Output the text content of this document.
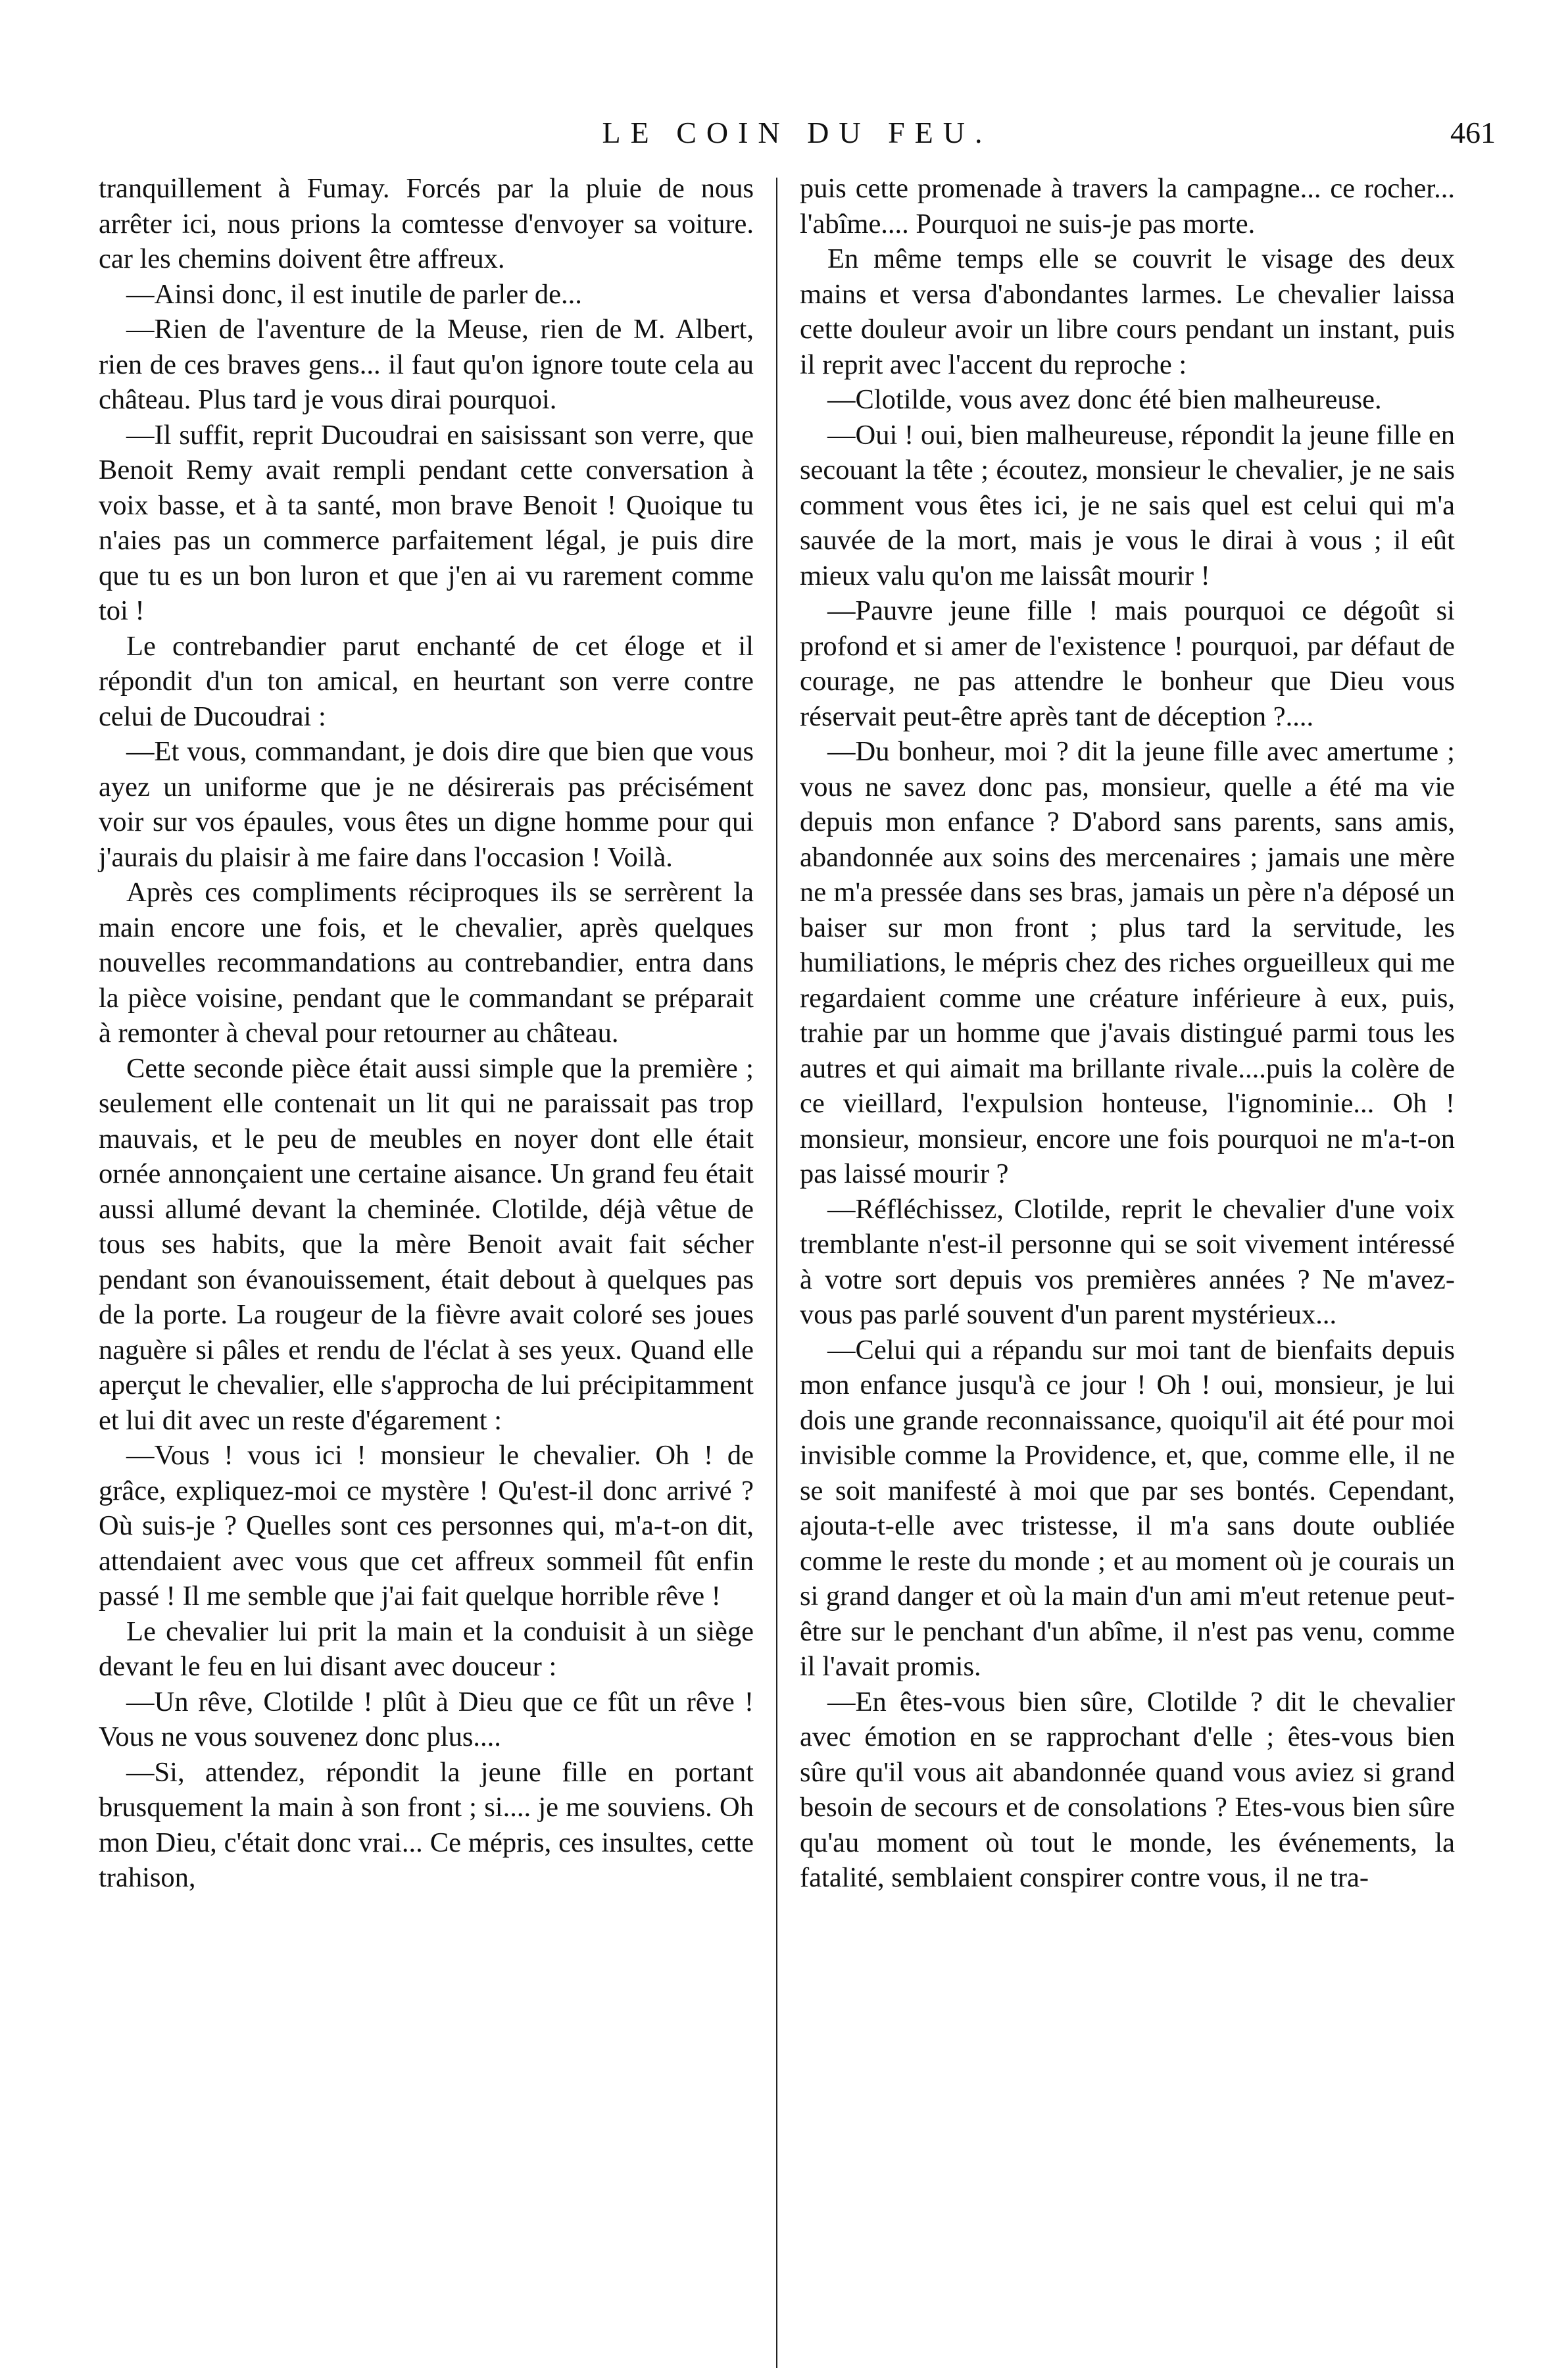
LE COIN DU FEU.	461

tranquillement à Fumay. Forcés par la pluie de nous arrêter ici, nous prions la comtesse d'envoyer sa voiture. car les chemins doivent être affreux.

—Ainsi donc, il est inutile de parler de...

—Rien de l'aventure de la Meuse, rien de M. Albert, rien de ces braves gens... il faut qu'on ignore toute cela au château. Plus tard je vous dirai pourquoi.

—Il suffit, reprit Ducoudrai en saisissant son verre, que Benoit Remy avait rempli pendant cette conversation à voix basse, et à ta santé, mon brave Benoit ! Quoique tu n'aies pas un commerce parfaitement légal, je puis dire que tu es un bon luron et que j'en ai vu rarement comme toi !

Le contrebandier parut enchanté de cet éloge et il répondit d'un ton amical, en heurtant son verre contre celui de Ducoudrai :

—Et vous, commandant, je dois dire que bien que vous ayez un uniforme que je ne désirerais pas précisément voir sur vos épaules, vous êtes un digne homme pour qui j'aurais du plaisir à me faire dans l'occasion ! Voilà.

Après ces compliments réciproques ils se serrèrent la main encore une fois, et le chevalier, après quelques nouvelles recommandations au contrebandier, entra dans la pièce voisine, pendant que le commandant se préparait à remonter à cheval pour retourner au château.

Cette seconde pièce était aussi simple que la première ; seulement elle contenait un lit qui ne paraissait pas trop mauvais, et le peu de meubles en noyer dont elle était ornée annonçaient une certaine aisance. Un grand feu était aussi allumé devant la cheminée. Clotilde, déjà vêtue de tous ses habits, que la mère Benoit avait fait sécher pendant son évanouissement, était debout à quelques pas de la porte. La rougeur de la fièvre avait coloré ses joues naguère si pâles et rendu de l'éclat à ses yeux. Quand elle aperçut le chevalier, elle s'approcha de lui précipitamment et lui dit avec un reste d'égarement :

—Vous ! vous ici ! monsieur le chevalier. Oh ! de grâce, expliquez-moi ce mystère ! Qu'est-il donc arrivé ? Où suis-je ? Quelles sont ces personnes qui, m'a-t-on dit, attendaient avec vous que cet affreux sommeil fût enfin passé ! Il me semble que j'ai fait quelque horrible rêve !

Le chevalier lui prit la main et la conduisit à un siège devant le feu en lui disant avec douceur :

—Un rêve, Clotilde ! plût à Dieu que ce fût un rêve ! Vous ne vous souvenez donc plus....

—Si, attendez, répondit la jeune fille en portant brusquement la main à son front ; si.... je me souviens. Oh mon Dieu, c'était donc vrai... Ce mépris, ces insultes, cette trahison,

puis cette promenade à travers la campagne... ce rocher... l'abîme.... Pourquoi ne suis-je pas morte.

En même temps elle se couvrit le visage des deux mains et versa d'abondantes larmes. Le chevalier laissa cette douleur avoir un libre cours pendant un instant, puis il reprit avec l'accent du reproche :

—Clotilde, vous avez donc été bien malheureuse.

—Oui ! oui, bien malheureuse, répondit la jeune fille en secouant la tête ; écoutez, monsieur le chevalier, je ne sais comment vous êtes ici, je ne sais quel est celui qui m'a sauvée de la mort, mais je vous le dirai à vous ; il eût mieux valu qu'on me laissât mourir !

—Pauvre jeune fille ! mais pourquoi ce dégoût si profond et si amer de l'existence ! pourquoi, par défaut de courage, ne pas attendre le bonheur que Dieu vous réservait peut-être après tant de déception ?....

—Du bonheur, moi ? dit la jeune fille avec amertume ; vous ne savez donc pas, monsieur, quelle a été ma vie depuis mon enfance ? D'abord sans parents, sans amis, abandonnée aux soins des mercenaires ; jamais une mère ne m'a pressée dans ses bras, jamais un père n'a déposé un baiser sur mon front ; plus tard la servitude, les humiliations, le mépris chez des riches orgueilleux qui me regardaient comme une créature inférieure à eux, puis, trahie par un homme que j'avais distingué parmi tous les autres et qui aimait ma brillante rivale....puis la colère de ce vieillard, l'expulsion honteuse, l'ignominie... Oh ! monsieur, monsieur, encore une fois pourquoi ne m'a-t-on pas laissé mourir ?

—Réfléchissez, Clotilde, reprit le chevalier d'une voix tremblante n'est-il personne qui se soit vivement intéressé à votre sort depuis vos premières années ? Ne m'avez-vous pas parlé souvent d'un parent mystérieux...

—Celui qui a répandu sur moi tant de bienfaits depuis mon enfance jusqu'à ce jour ! Oh ! oui, monsieur, je lui dois une grande reconnaissance, quoiqu'il ait été pour moi invisible comme la Providence, et, que, comme elle, il ne se soit manifesté à moi que par ses bontés. Cependant, ajouta-t-elle avec tristesse, il m'a sans doute oubliée comme le reste du monde ; et au moment où je courais un si grand danger et où la main d'un ami m'eut retenue peut-être sur le penchant d'un abîme, il n'est pas venu, comme il l'avait promis.

—En êtes-vous bien sûre, Clotilde ? dit le chevalier avec émotion en se rapprochant d'elle ; êtes-vous bien sûre qu'il vous ait abandonnée quand vous aviez si grand besoin de secours et de consolations ? Etes-vous bien sûre qu'au moment où tout le monde, les événements, la fatalité, semblaient conspirer contre vous, il ne tra-
